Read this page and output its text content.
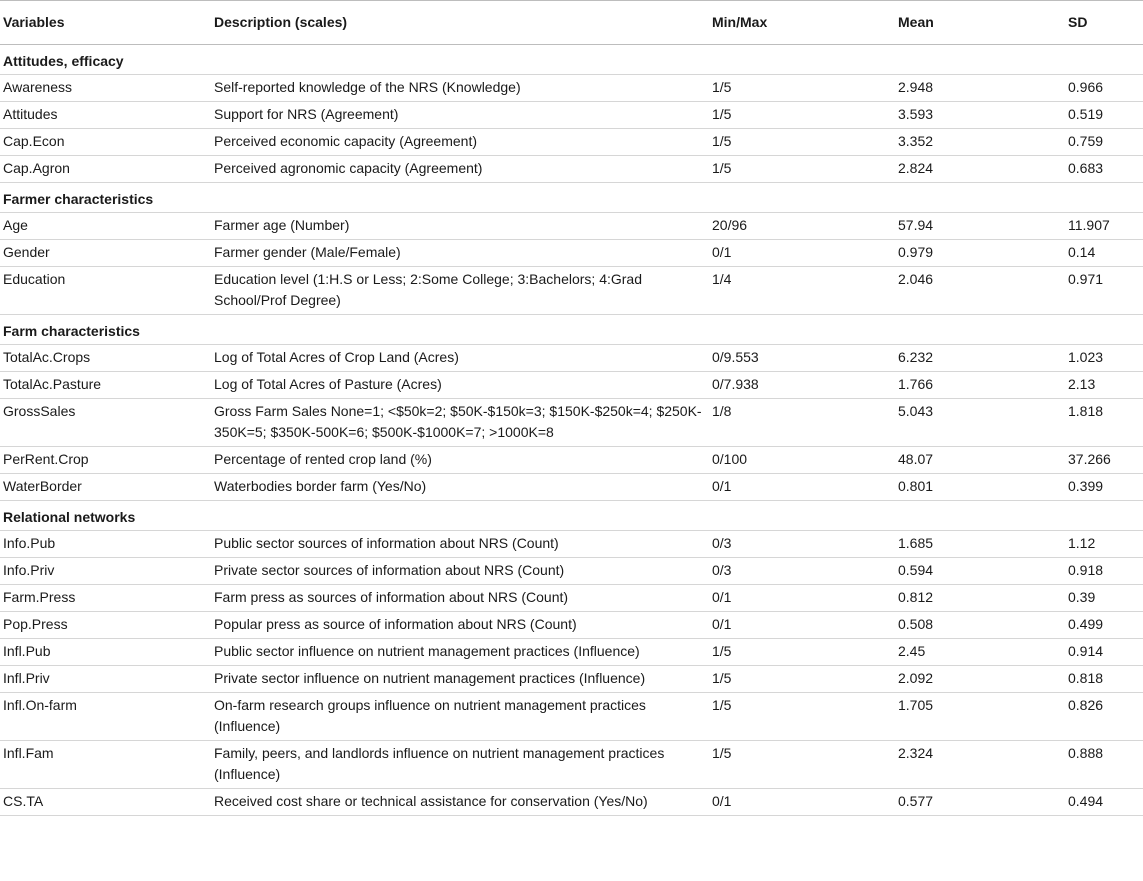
Variables	Description (scales)	Min/Max	Mean	SD
Attitudes, efficacy				
Awareness	Self-reported knowledge of the NRS (Knowledge)	1/5	2.948	0.966
Attitudes	Support for NRS (Agreement)	1/5	3.593	0.519
Cap.Econ	Perceived economic capacity (Agreement)	1/5	3.352	0.759
Cap.Agron	Perceived agronomic capacity (Agreement)	1/5	2.824	0.683
Farmer characteristics				
Age	Farmer age (Number)	20/96	57.94	11.907
Gender	Farmer gender (Male/Female)	0/1	0.979	0.14
Education	Education level (1:H.S or Less; 2:Some College; 3:Bachelors; 4:Grad School/Prof Degree)	1/4	2.046	0.971
Farm characteristics				
TotalAc.Crops	Log of Total Acres of Crop Land (Acres)	0/9.553	6.232	1.023
TotalAc.Pasture	Log of Total Acres of Pasture (Acres)	0/7.938	1.766	2.13
GrossSales	Gross Farm Sales None=1; <$50k=2; $50K-$150k=3; $150K-$250k=4; $250K-350K=5; $350K-500K=6; $500K-$1000K=7; >1000K=8	1/8	5.043	1.818
PerRent.Crop	Percentage of rented crop land (%)	0/100	48.07	37.266
WaterBorder	Waterbodies border farm (Yes/No)	0/1	0.801	0.399
Relational networks				
Info.Pub	Public sector sources of information about NRS (Count)	0/3	1.685	1.12
Info.Priv	Private sector sources of information about NRS (Count)	0/3	0.594	0.918
Farm.Press	Farm press as sources of information about NRS (Count)	0/1	0.812	0.39
Pop.Press	Popular press as source of information about NRS (Count)	0/1	0.508	0.499
Infl.Pub	Public sector influence on nutrient management practices (Influence)	1/5	2.45	0.914
Infl.Priv	Private sector influence on nutrient management practices (Influence)	1/5	2.092	0.818
Infl.On-farm	On-farm research groups influence on nutrient management practices (Influence)	1/5	1.705	0.826
Infl.Fam	Family, peers, and landlords influence on nutrient management practices (Influence)	1/5	2.324	0.888
CS.TA	Received cost share or technical assistance for conservation (Yes/No)	0/1	0.577	0.494
